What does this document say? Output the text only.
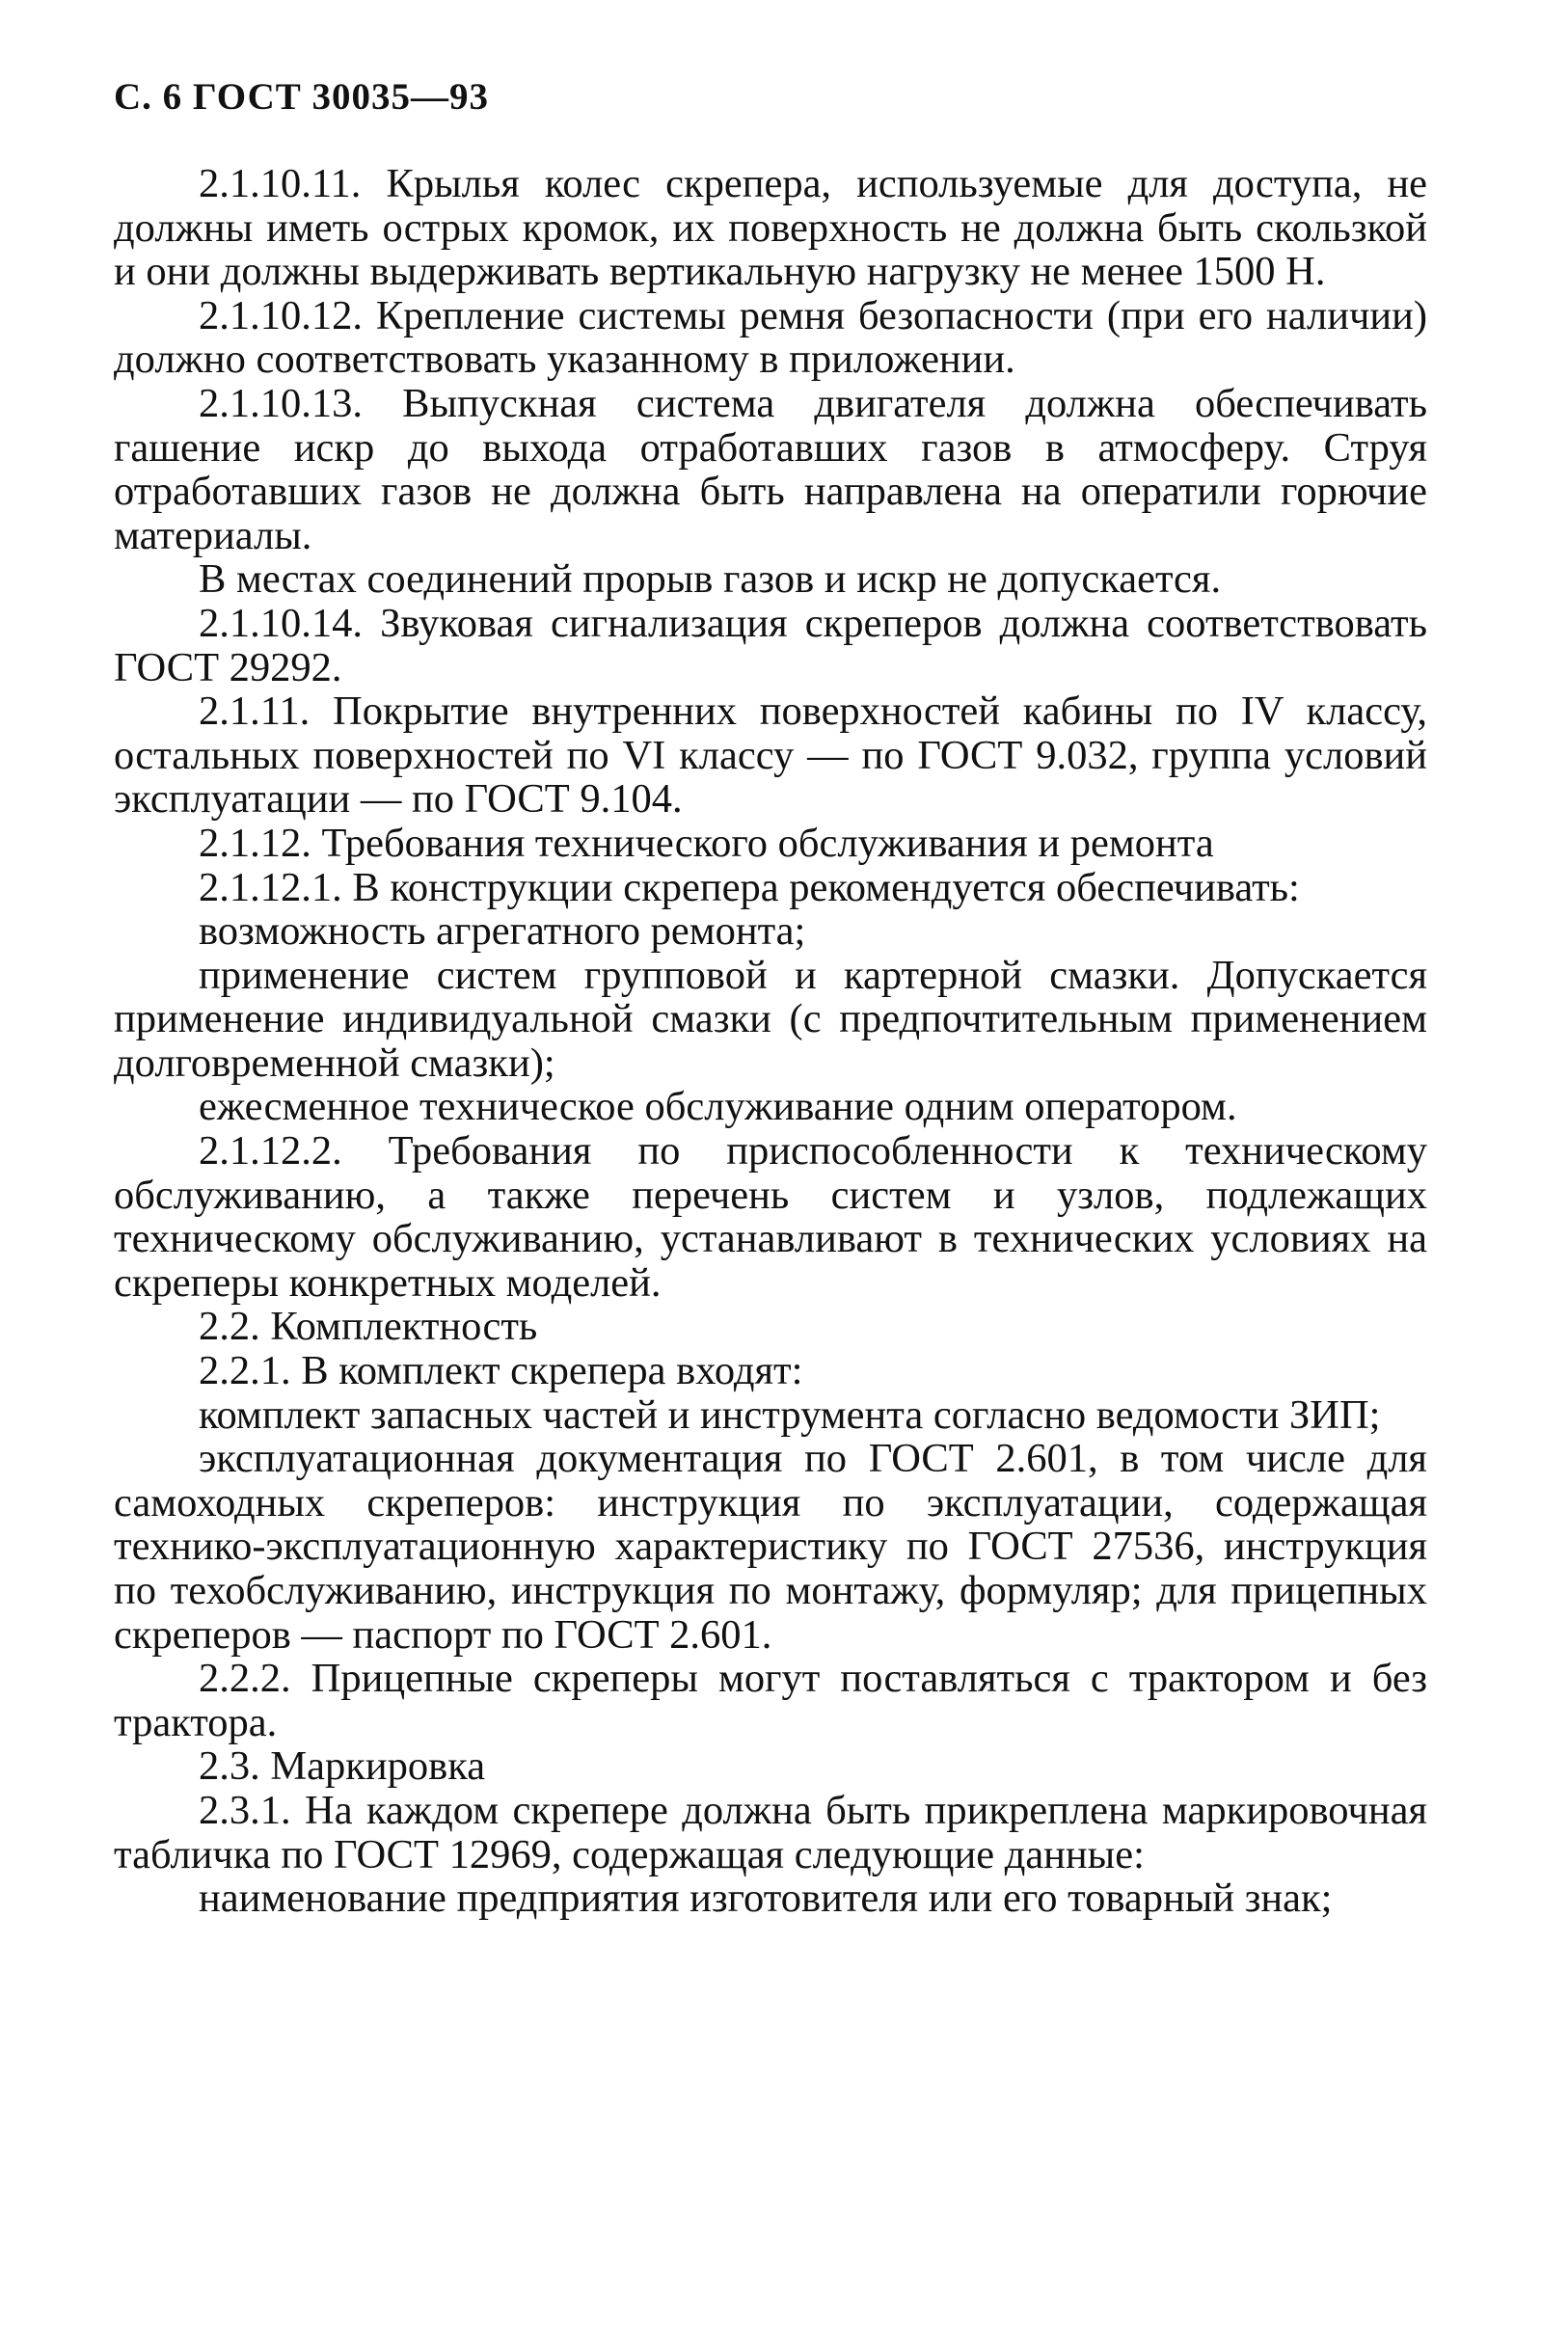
С. 6 ГОСТ 30035—93

2.1.10.11. Крылья колес скрепера, используемые для доступа, не должны иметь острых кромок, их поверхность не должна быть скользкой и они должны выдерживать вертикальную нагрузку не менее 1500 Н.

2.1.10.12. Крепление системы ремня безопасности (при его наличии) должно соответствовать указанному в приложении.

2.1.10.13. Выпускная система двигателя должна обеспечивать гашение искр до выхода отработавших газов в атмосферу. Струя отработавших газов не должна быть направлена на оператили горючие материалы.

В местах соединений прорыв газов и искр не допускается.

2.1.10.14. Звуковая сигнализация скреперов должна соответствовать ГОСТ 29292.

2.1.11. Покрытие внутренних поверхностей кабины по IV классу, остальных поверхностей по VI классу — по ГОСТ 9.032, группа условий эксплуатации — по ГОСТ 9.104.

2.1.12. Требования технического обслуживания и ремонта

2.1.12.1. В конструкции скрепера рекомендуется обеспечивать:

возможность агрегатного ремонта;

применение систем групповой и картерной смазки. Допускается применение индивидуальной смазки (с предпочтительным применением долговременной смазки);

ежесменное техническое обслуживание одним оператором.

2.1.12.2. Требования по приспособленности к техническому обслуживанию, а также перечень систем и узлов, подлежащих техническому обслуживанию, устанавливают в технических условиях на скреперы конкретных моделей.

2.2. Комплектность

2.2.1. В комплект скрепера входят:

комплект запасных частей и инструмента согласно ведомости ЗИП;

эксплуатационная документация по ГОСТ 2.601, в том числе для самоходных скреперов: инструкция по эксплуатации, содержащая технико-эксплуатационную характеристику по ГОСТ 27536, инструкция по техобслуживанию, инструкция по монтажу, формуляр; для прицепных скреперов — паспорт по ГОСТ 2.601.

2.2.2. Прицепные скреперы могут поставляться с трактором и без трактора.

2.3. Маркировка

2.3.1. На каждом скрепере должна быть прикреплена маркировочная табличка по ГОСТ 12969, содержащая следующие данные:

наименование предприятия изготовителя или его товарный знак;
